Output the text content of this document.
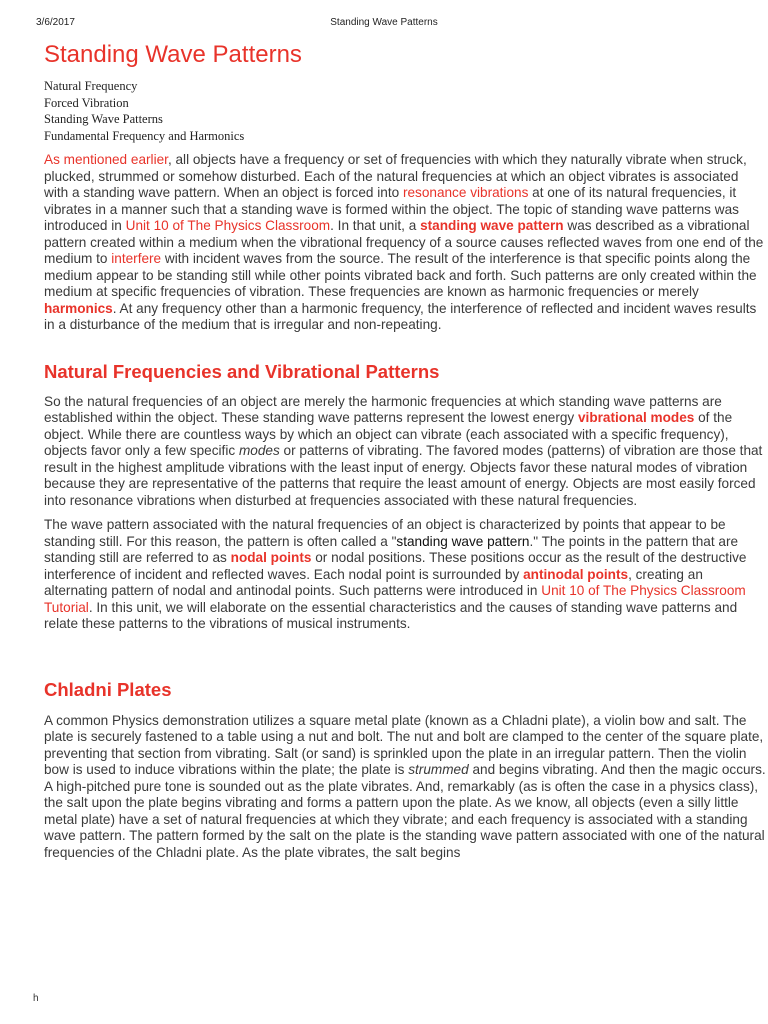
3/6/2017	Standing Wave Patterns
Standing Wave Patterns
Natural Frequency
Forced Vibration
Standing Wave Patterns
Fundamental Frequency and Harmonics

As mentioned earlier, all objects have a frequency or set of frequencies with which they naturally vibrate when struck, plucked, strummed or somehow disturbed. Each of the natural frequencies at which an object vibrates is associated with a standing wave pattern. When an object is forced into resonance vibrations at one of its natural frequencies, it vibrates in a manner such that a standing wave is formed within the object. The topic of standing wave patterns was introduced in Unit 10 of The Physics Classroom. In that unit, a standing wave pattern was described as a vibrational pattern created within a medium when the vibrational frequency of a source causes reflected waves from one end of the medium to interfere with incident waves from the source. The result of the interference is that specific points along the medium appear to be standing still while other points vibrated back and forth. Such patterns are only created within the medium at specific frequencies of vibration. These frequencies are known as harmonic frequencies or merely harmonics. At any frequency other than a harmonic frequency, the interference of reflected and incident waves results in a disturbance of the medium that is irregular and non-repeating.

Natural Frequencies and Vibrational Patterns

So the natural frequencies of an object are merely the harmonic frequencies at which standing wave patterns are established within the object. These standing wave patterns represent the lowest energy vibrational modes of the object. While there are countless ways by which an object can vibrate (each associated with a specific frequency), objects favor only a few specific modes or patterns of vibrating. The favored modes (patterns) of vibration are those that result in the highest amplitude vibrations with the least input of energy. Objects favor these natural modes of vibration because they are representative of the patterns that require the least amount of energy. Objects are most easily forced into resonance vibrations when disturbed at frequencies associated with these natural frequencies.

The wave pattern associated with the natural frequencies of an object is characterized by points that appear to be standing still. For this reason, the pattern is often called a "standing wave pattern." The points in the pattern that are standing still are referred to as nodal points or nodal positions. These positions occur as the result of the destructive interference of incident and reflected waves. Each nodal point is surrounded by antinodal points, creating an alternating pattern of nodal and antinodal points. Such patterns were introduced in Unit 10 of The Physics Classroom Tutorial. In this unit, we will elaborate on the essential characteristics and the causes of standing wave patterns and relate these patterns to the vibrations of musical instruments.

Chladni Plates

A common Physics demonstration utilizes a square metal plate (known as a Chladni plate), a violin bow and salt. The plate is securely fastened to a table using a nut and bolt. The nut and bolt are clamped to the center of the square plate, preventing that section from vibrating. Salt (or sand) is sprinkled upon the plate in an irregular pattern. Then the violin bow is used to induce vibrations within the plate; the plate is strummed and begins vibrating. And then the magic occurs. A high-pitched pure tone is sounded out as the plate vibrates. And, remarkably (as is often the case in a physics class), the salt upon the plate begins vibrating and forms a pattern upon the plate. As we know, all objects (even a silly little metal plate) have a set of natural frequencies at which they vibrate; and each frequency is associated with a standing wave pattern. The pattern formed by the salt on the plate is the standing wave pattern associated with one of the natural frequencies of the Chladni plate. As the plate vibrates, the salt begins

h
